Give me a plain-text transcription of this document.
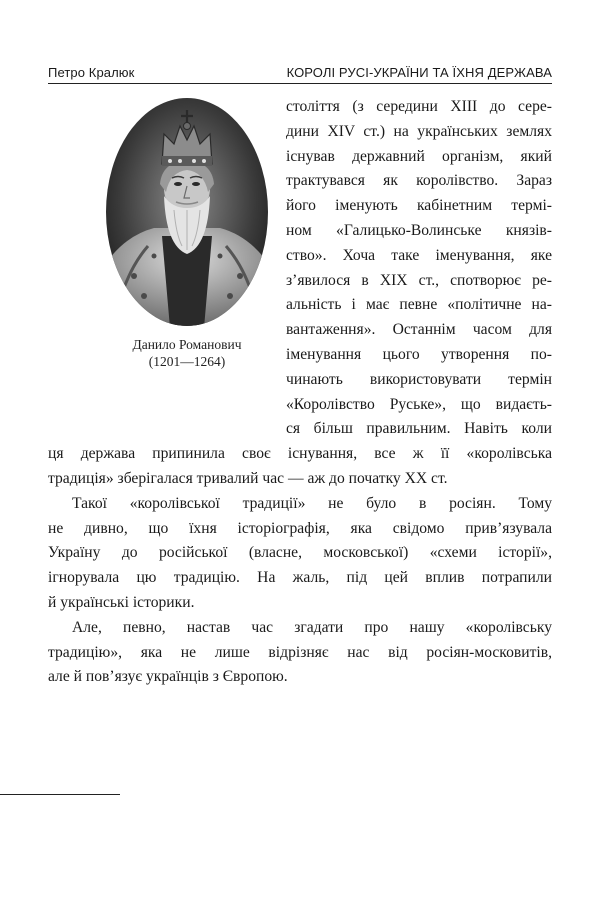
Петро Кралюк	КОРОЛІ РУСІ-УКРАЇНИ ТА ЇХНЯ ДЕРЖАВА
Данило Романович
(1201—1264)
століття (з середини XIII до сере-
дини XIV ст.) на українських землях
існував державний організм, який
трактувався як королівство. Зараз
його іменують кабінетним термі-
ном «Галицько-Волинське князів-
ство». Хоча таке іменування, яке
з’явилося в XIX ст., спотворює ре-
альність і має певне «політичне на-
вантаження». Останнім часом для
іменування цього утворення по-
чинають використовувати термін
«Королівство Руське», що видаєть-
ся більш правильним. Навіть коли
ця держава припинила своє існування, все ж її «королівська
традиція» зберігалася тривалий час — аж до початку XX ст.
Такої «королівської традиції» не було в росіян. Тому
не дивно, що їхня історіографія, яка свідомо прив’язувала
Україну до російської (власне, московської) «схеми історії»,
ігнорувала цю традицію. На жаль, під цей вплив потрапили
й українські історики.
Але, певно, настав час згадати про нашу «королівську
традицію», яка не лише відрізняє нас від росіян-московитів,
але й пов’язує українців з Європою.
